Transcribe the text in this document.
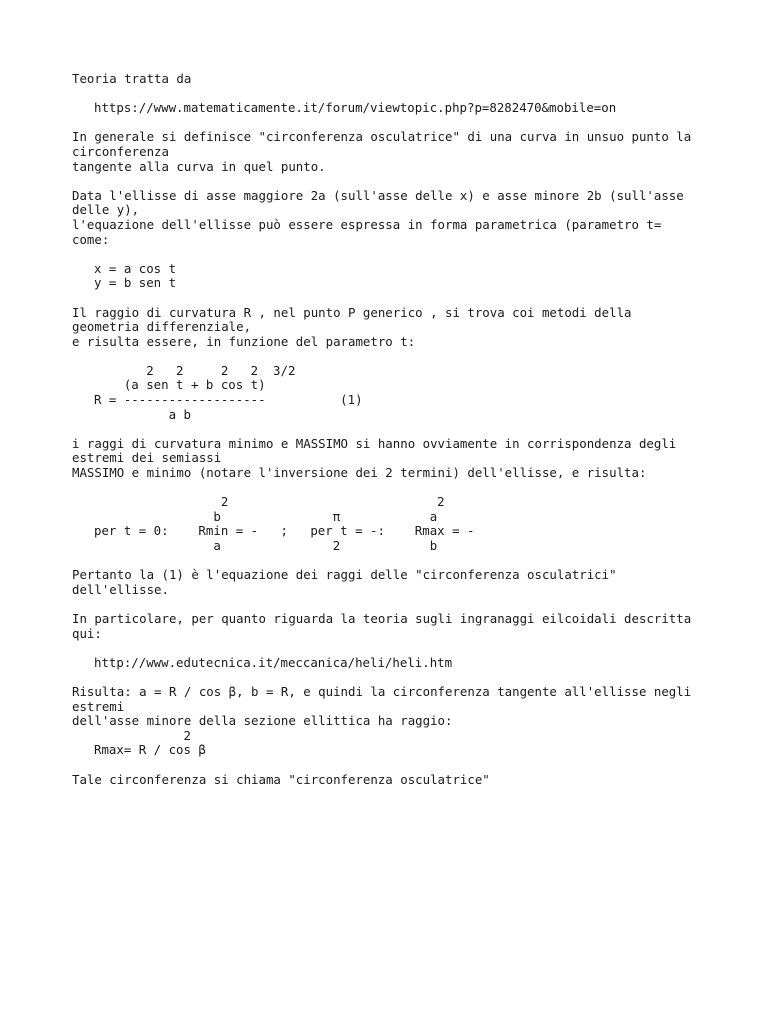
Teoria tratta da
https://www.matematicamente.it/forum/viewtopic.php?p=8282470&mobile=on
In generale si definisce "circonferenza osculatrice" di una curva in unsuo punto la
circonferenza
tangente alla curva in quel punto.
Data l'ellisse di asse maggiore 2a (sull'asse delle x) e asse minore 2b (sull'asse
delle y),
l'equazione dell'ellisse può essere espressa in forma parametrica (parametro t=
come:
x = a cos t
y = b sen t
Il raggio di curvatura R , nel punto P generico , si trova coi metodi della
geometria differenziale,
e risulta essere, in funzione del parametro t:
2   2     2   2  3/2
(a sen t + b cos t)
R = -------------------          (1)
a b
i raggi di curvatura minimo e MASSIMO si hanno ovviamente in corrispondenza degli
estremi dei semiassi
MASSIMO e minimo (notare l'inversione dei 2 termini) dell'ellisse, e risulta:
2                            2
b               π            a
per t = 0:    Rmin = -   ;   per t = -:    Rmax = -
a               2            b
Pertanto la (1) è l'equazione dei raggi delle "circonferenza osculatrici"
dell'ellisse.
In particolare, per quanto riguarda la teoria sugli ingranaggi eilcoidali descritta
qui:
http://www.edutecnica.it/meccanica/heli/heli.htm
Risulta: a = R / cos β, b = R, e quindi la circonferenza tangente all'ellisse negli
estremi
dell'asse minore della sezione ellittica ha raggio:
2
Rmax= R / cos β
Tale circonferenza si chiama "circonferenza osculatrice"
